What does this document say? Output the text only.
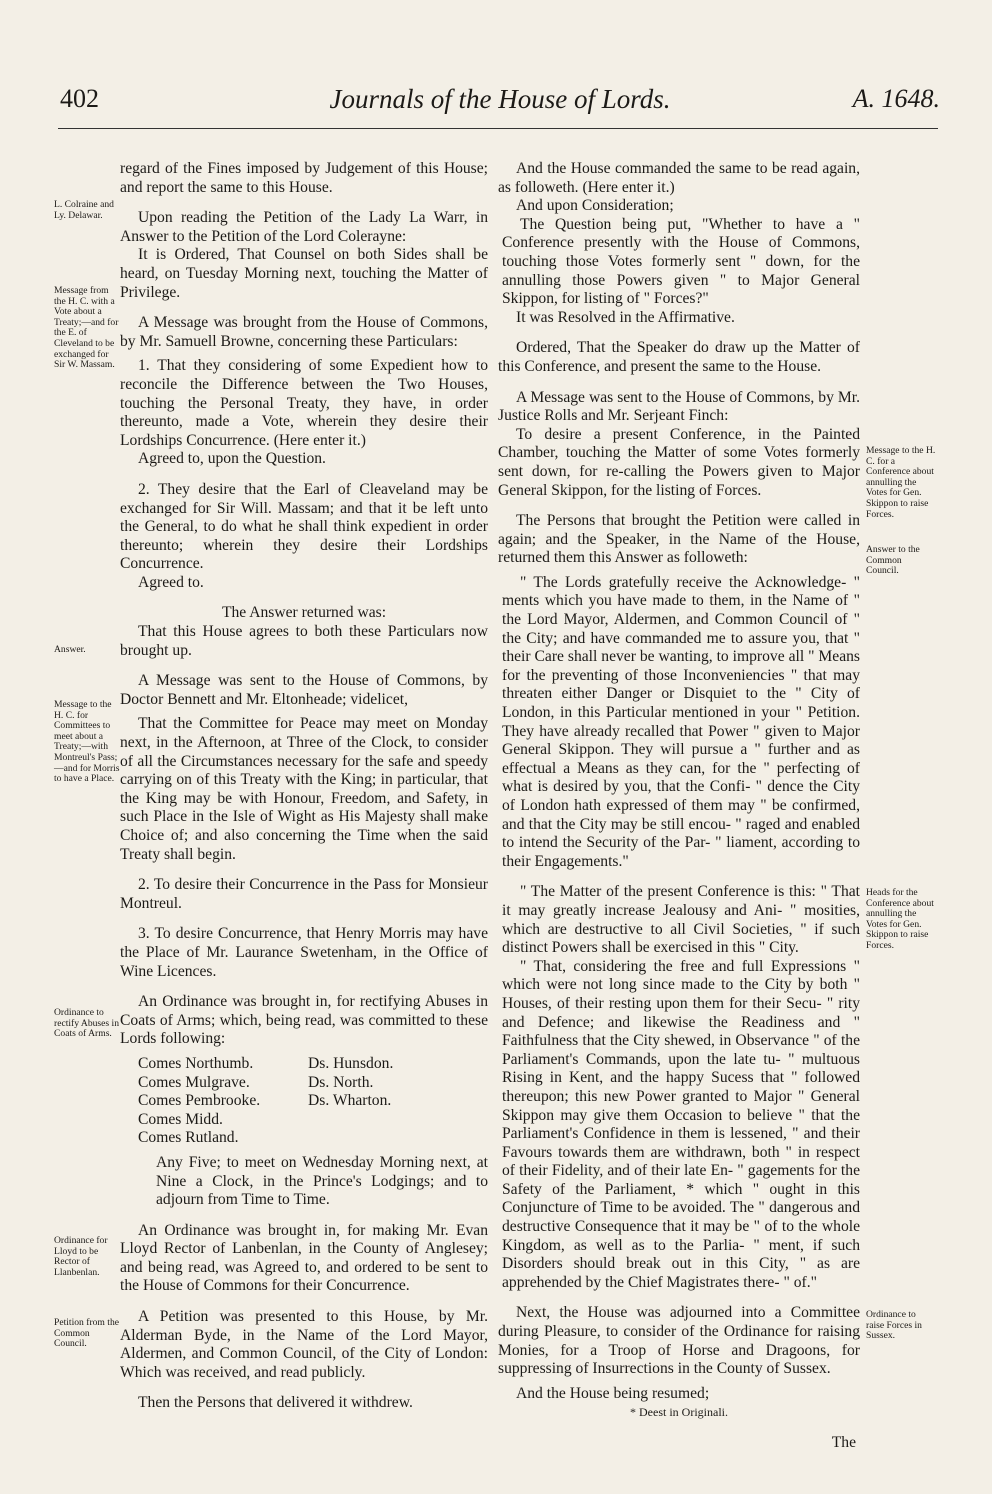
402	Journals of the House of Lords.	A. 1648.
L. Colraine and Ly. Delawar.
Message from the H. C. with a Vote about a Treaty;—and for the E. of Cleveland to be exchanged for Sir W. Massam.
Answer.
Message to the H. C. for Committees to meet about a Treaty;—with Montreul's Pass;—and for Morris to have a Place.
Ordinance to rectify Abuses in Coats of Arms.
Ordinance for Lloyd to be Rector of Llanbenlan.
Petition from the Common Council.
Message to the H. C. for a Conference about annulling the Votes for Gen. Skippon to raise Forces.
Answer to the Common Council.
Heads for the Conference about annulling the Votes for Gen. Skippon to raise Forces.
Ordinance to raise Forces in Sussex.

regard of the Fines imposed by Judgement of this House; and report the same to this House.

Upon reading the Petition of the Lady La Warr, in Answer to the Petition of the Lord Colerayne:

It is Ordered, That Counsel on both Sides shall be heard, on Tuesday Morning next, touching the Matter of Privilege.

A Message was brought from the House of Commons, by Mr. Samuell Browne, concerning these Particulars:

1. That they considering of some Expedient how to reconcile the Difference between the Two Houses, touching the Personal Treaty, they have, in order thereunto, made a Vote, wherein they desire their Lordships Concurrence. (Here enter it.)

Agreed to, upon the Question.

2. They desire that the Earl of Cleaveland may be exchanged for Sir Will. Massam; and that it be left unto the General, to do what he shall think expedient in order thereunto; wherein they desire their Lordships Concurrence.

Agreed to.

The Answer returned was:

That this House agrees to both these Particulars now brought up.

A Message was sent to the House of Commons, by Doctor Bennett and Mr. Eltonheade; videlicet,

That the Committee for Peace may meet on Monday next, in the Afternoon, at Three of the Clock, to consider of all the Circumstances necessary for the safe and speedy carrying on of this Treaty with the King; in particular, that the King may be with Honour, Freedom, and Safety, in such Place in the Isle of Wight as His Majesty shall make Choice of; and also concerning the Time when the said Treaty shall begin.

2. To desire their Concurrence in the Pass for Monsieur Montreul.

3. To desire Concurrence, that Henry Morris may have the Place of Mr. Laurance Swetenham, in the Office of Wine Licences.

An Ordinance was brought in, for rectifying Abuses in Coats of Arms; which, being read, was committed to these Lords following:

Comes Northumb.
Comes Mulgrave.
Comes Pembrooke.
Comes Midd.
Comes Rutland.
Ds. Hunsdon.
Ds. North.
Ds. Wharton.

Any Five; to meet on Wednesday Morning next, at Nine a Clock, in the Prince's Lodgings; and to adjourn from Time to Time.

An Ordinance was brought in, for making Mr. Evan Lloyd Rector of Lanbenlan, in the County of Anglesey; and being read, was Agreed to, and ordered to be sent to the House of Commons for their Concurrence.

A Petition was presented to this House, by Mr. Alderman Byde, in the Name of the Lord Mayor, Aldermen, and Common Council, of the City of London: Which was received, and read publicly.

Then the Persons that delivered it withdrew.

And the House commanded the same to be read again, as followeth. (Here enter it.)

And upon Consideration;

The Question being put, "Whether to have a " Conference presently with the House of Commons, touching those Votes formerly sent " down, for the annulling those Powers given " to Major General Skippon, for listing of " Forces?"

It was Resolved in the Affirmative.

Ordered, That the Speaker do draw up the Matter of this Conference, and present the same to the House.

A Message was sent to the House of Commons, by Mr. Justice Rolls and Mr. Serjeant Finch:

To desire a present Conference, in the Painted Chamber, touching the Matter of some Votes formerly sent down, for re-calling the Powers given to Major General Skippon, for the listing of Forces.

The Persons that brought the Petition were called in again; and the Speaker, in the Name of the House, returned them this Answer as followeth:

" The Lords gratefully receive the Acknowledge- " ments which you have made to them, in the Name of " the Lord Mayor, Aldermen, and Common Council of " the City; and have commanded me to assure you, that " their Care shall never be wanting, to improve all " Means for the preventing of those Inconveniencies " that may threaten either Danger or Disquiet to the " City of London, in this Particular mentioned in your " Petition. They have already recalled that Power " given to Major General Skippon. They will pursue a " further and as effectual a Means as they can, for the " perfecting of what is desired by you, that the Confi- " dence the City of London hath expressed of them may " be confirmed, and that the City may be still encou- " raged and enabled to intend the Security of the Par- " liament, according to their Engagements."

" The Matter of the present Conference is this: " That it may greatly increase Jealousy and Ani- " mosities, which are destructive to all Civil Societies, " if such distinct Powers shall be exercised in this " City.

" That, considering the free and full Expressions " which were not long since made to the City by both " Houses, of their resting upon them for their Secu- " rity and Defence; and likewise the Readiness and " Faithfulness that the City shewed, in Observance " of the Parliament's Commands, upon the late tu- " multuous Rising in Kent, and the happy Sucess that " followed thereupon; this new Power granted to Major " General Skippon may give them Occasion to believe " that the Parliament's Confidence in them is lessened, " and their Favours towards them are withdrawn, both " in respect of their Fidelity, and of their late En- " gagements for the Safety of the Parliament, * which " ought in this Conjuncture of Time to be avoided. The " dangerous and destructive Consequence that it may be " of to the whole Kingdom, as well as to the Parlia- " ment, if such Disorders should break out in this City, " as are apprehended by the Chief Magistrates there- " of."

Next, the House was adjourned into a Committee during Pleasure, to consider of the Ordinance for raising Monies, for a Troop of Horse and Dragoons, for suppressing of Insurrections in the County of Sussex.

And the House being resumed;

* Deest in Originali.

The
